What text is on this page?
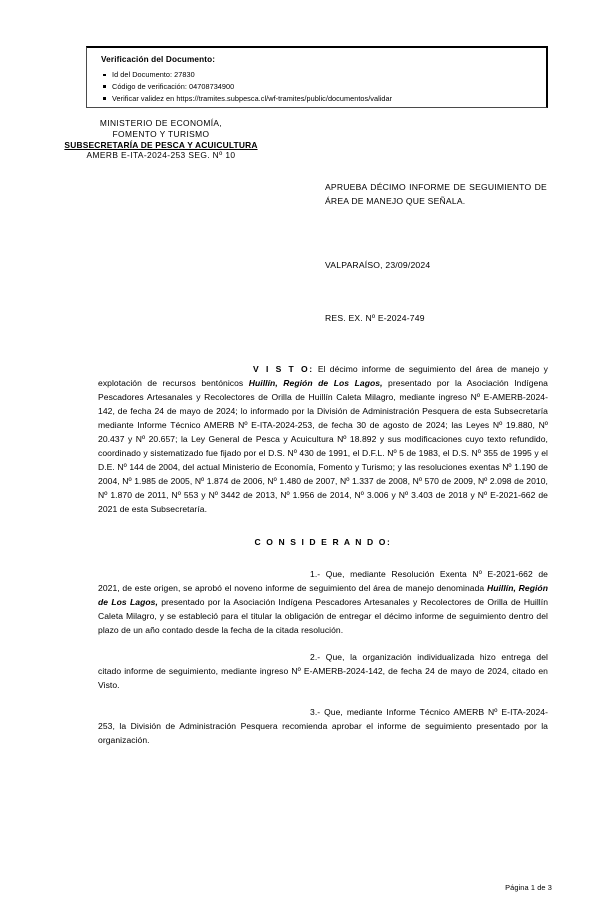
Verificación del Documento:
Id del Documento: 27830
Código de verificación: 04708734900
Verificar validez en https://tramites.subpesca.cl/wf-tramites/public/documentos/validar
MINISTERIO DE ECONOMÍA,
FOMENTO Y TURISMO
SUBSECRETARÍA DE PESCA Y ACUICULTURA
AMERB E-ITA-2024-253 SEG. Nº 10
APRUEBA DÉCIMO INFORME DE SEGUIMIENTO DE ÁREA DE MANEJO QUE SEÑALA.
VALPARAÍSO, 23/09/2024
RES. EX. Nº E-2024-749

V I S T O: El décimo informe de seguimiento del área de manejo y explotación de recursos bentónicos Huillín, Región de Los Lagos, presentado por la Asociación Indígena Pescadores Artesanales y Recolectores de Orilla de Huillín Caleta Milagro, mediante ingreso Nº E-AMERB-2024-142, de fecha 24 de mayo de 2024; lo informado por la División de Administración Pesquera de esta Subsecretaría mediante Informe Técnico AMERB Nº E-ITA-2024-253, de fecha 30 de agosto de 2024; las Leyes Nº 19.880, Nº 20.437 y Nº 20.657; la Ley General de Pesca y Acuicultura Nº 18.892 y sus modificaciones cuyo texto refundido, coordinado y sistematizado fue fijado por el D.S. Nº 430 de 1991, el D.F.L. Nº 5 de 1983, el D.S. Nº 355 de 1995 y el D.E. Nº 144 de 2004, del actual Ministerio de Economía, Fomento y Turismo; y las resoluciones exentas Nº 1.190 de 2004, Nº 1.985 de 2005, Nº 1.874 de 2006, Nº 1.480 de 2007, Nº 1.337 de 2008, Nº 570 de 2009, Nº 2.098 de 2010, Nº 1.870 de 2011, Nº 553 y Nº 3442 de 2013, Nº 1.956 de 2014, Nº 3.006 y Nº 3.403 de 2018 y Nº E-2021-662 de 2021 de esta Subsecretaría.

C O N S I D E R A N D O:

1.- Que, mediante Resolución Exenta Nº E-2021-662 de 2021, de este origen, se aprobó el noveno informe de seguimiento del área de manejo denominada Huillín, Región de Los Lagos, presentado por la Asociación Indígena Pescadores Artesanales y Recolectores de Orilla de Huillín Caleta Milagro, y se estableció para el titular la obligación de entregar el décimo informe de seguimiento dentro del plazo de un año contado desde la fecha de la citada resolución.

2.- Que, la organización individualizada hizo entrega del citado informe de seguimiento, mediante ingreso Nº E-AMERB-2024-142, de fecha 24 de mayo de 2024, citado en Visto.

3.- Que, mediante Informe Técnico AMERB Nº E-ITA-2024-253, la División de Administración Pesquera recomienda aprobar el informe de seguimiento presentado por la organización.

Página 1 de 3
